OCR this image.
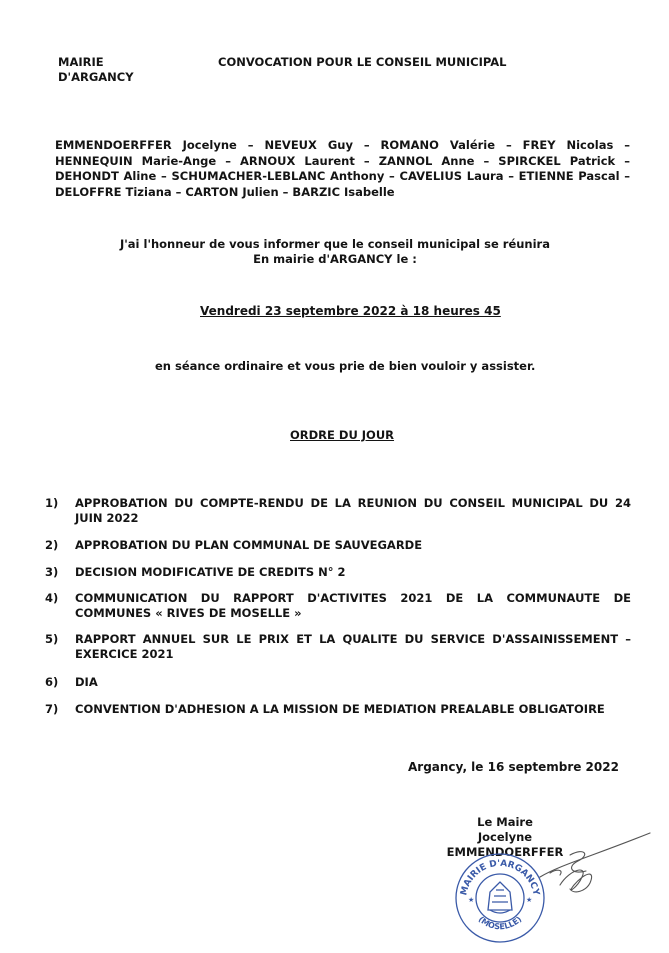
MAIRIE
D'ARGANCY
CONVOCATION POUR LE CONSEIL MUNICIPAL
EMMENDOERFFER Jocelyne – NEVEUX Guy – ROMANO Valérie – FREY Nicolas – HENNEQUIN Marie-Ange – ARNOUX Laurent – ZANNOL Anne – SPIRCKEL Patrick – DEHONDT Aline – SCHUMACHER-LEBLANC Anthony – CAVELIUS Laura – ETIENNE Pascal – DELOFFRE Tiziana – CARTON Julien – BARZIC Isabelle
J'ai l'honneur de vous informer que le conseil municipal se réunira
En mairie d'ARGANCY le :
Vendredi 23 septembre 2022 à 18 heures 45
en séance ordinaire et vous prie de bien vouloir y assister.
ORDRE DU JOUR
1)	APPROBATION DU COMPTE-RENDU DE LA REUNION DU CONSEIL MUNICIPAL DU 24 JUIN 2022
2)	APPROBATION DU PLAN COMMUNAL DE SAUVEGARDE
3)	DECISION MODIFICATIVE DE CREDITS N° 2
4)	COMMUNICATION DU RAPPORT D'ACTIVITES 2021 DE LA COMMUNAUTE DE COMMUNES « RIVES DE MOSELLE »
5)	RAPPORT ANNUEL SUR LE PRIX ET LA QUALITE DU SERVICE D'ASSAINISSEMENT – EXERCICE 2021
6)	DIA
7)	CONVENTION D'ADHESION A LA MISSION DE MEDIATION PREALABLE OBLIGATOIRE
Argancy, le 16 septembre 2022
Le Maire
Jocelyne EMMENDOERFFER
MAIRIE D'ARGANCY
(MOSELLE)
★	★
